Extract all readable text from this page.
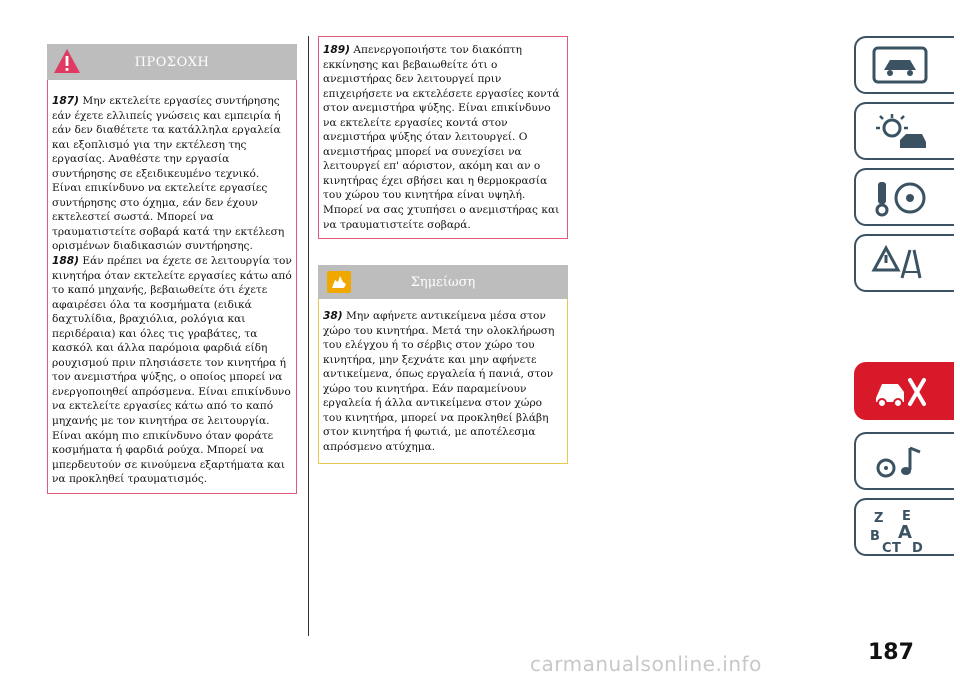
ΠΡΟΣΟΧΗ

187) Μην εκτελείτε εργασίες συντήρησης εάν έχετε ελλιπείς γνώσεις και εμπειρία ή εάν δεν διαθέτετε τα κατάλληλα εργαλεία και εξοπλισμό για την εκτέλεση της εργασίας. Αναθέστε την εργασία συντήρησης σε εξειδικευμένο τεχνικό. Είναι επικίνδυνο να εκτελείτε εργασίες συντήρησης στο όχημα, εάν δεν έχουν εκτελεστεί σωστά. Μπορεί να τραυματιστείτε σοβαρά κατά την εκτέλεση ορισμένων διαδικασιών συντήρησης.

188) Εάν πρέπει να έχετε σε λειτουργία τον κινητήρα όταν εκτελείτε εργασίες κάτω από το καπό μηχανής, βεβαιωθείτε ότι έχετε αφαιρέσει όλα τα κοσμήματα (ειδικά δαχτυλίδια, βραχιόλια, ρολόγια και περιδέραια) και όλες τις γραβάτες, τα κασκόλ και άλλα παρόμοια φαρδιά είδη ρουχισμού πριν πλησιάσετε τον κινητήρα ή τον ανεμιστήρα ψύξης, ο οποίος μπορεί να ενεργοποιηθεί απρόσμενα. Είναι επικίνδυνο να εκτελείτε εργασίες κάτω από το καπό μηχανής με τον κινητήρα σε λειτουργία. Είναι ακόμη πιο επικίνδυνο όταν φοράτε κοσμήματα ή φαρδιά ρούχα. Μπορεί να μπερδευτούν σε κινούμενα εξαρτήματα και να προκληθεί τραυματισμός.

189) Απενεργοποιήστε τον διακόπτη εκκίνησης και βεβαιωθείτε ότι ο ανεμιστήρας δεν λειτουργεί πριν επιχειρήσετε να εκτελέσετε εργασίες κοντά στον ανεμιστήρα ψύξης. Είναι επικίνδυνο να εκτελείτε εργασίες κοντά στον ανεμιστήρα ψύξης όταν λειτουργεί. Ο ανεμιστήρας μπορεί να συνεχίσει να λειτουργεί επ' αόριστον, ακόμη και αν ο κινητήρας έχει σβήσει και η θερμοκρασία του χώρου του κινητήρα είναι υψηλή. Μπορεί να σας χτυπήσει ο ανεμιστήρας και να τραυματιστείτε σοβαρά.

Σημείωση

38) Μην αφήνετε αντικείμενα μέσα στον χώρο του κινητήρα. Μετά την ολοκλήρωση του ελέγχου ή το σέρβις στον χώρο του κινητήρα, μην ξεχνάτε και μην αφήνετε αντικείμενα, όπως εργαλεία ή πανιά, στον χώρο του κινητήρα. Εάν παραμείνουν εργαλεία ή άλλα αντικείμενα στον χώρο του κινητήρα, μπορεί να προκληθεί βλάβη στον κινητήρα ή φωτιά, με αποτέλεσμα απρόσμενο ατύχημα.

Z E
B A
C T D
187
carmanualsonline.info
